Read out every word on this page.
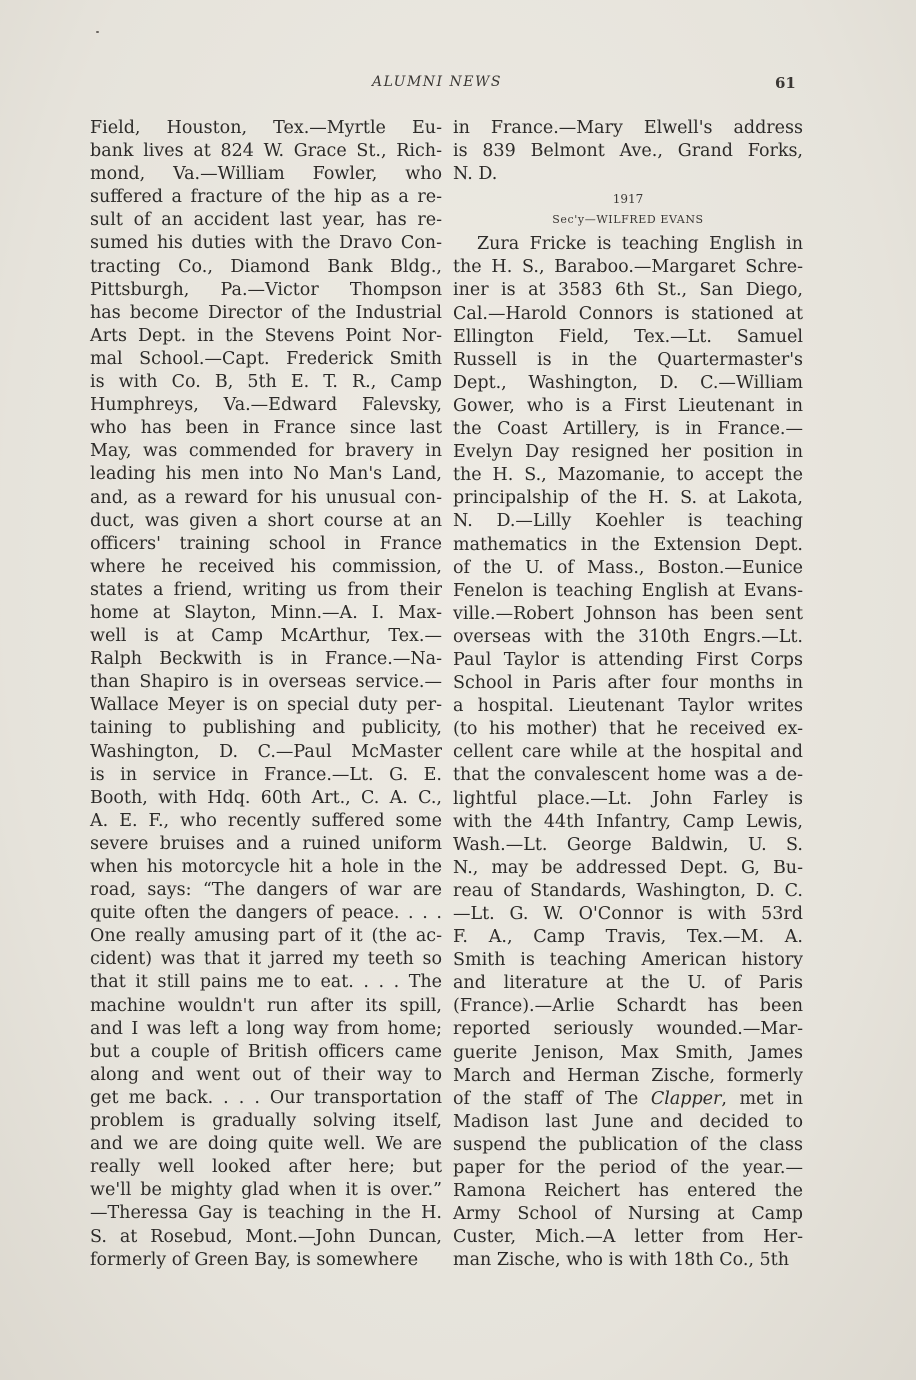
ALUMNI NEWS	61
Field, Houston, Tex.—Myrtle Eu-
bank lives at 824 W. Grace St., Rich-
mond, Va.—William Fowler, who
suffered a fracture of the hip as a re-
sult of an accident last year, has re-
sumed his duties with the Dravo Con-
tracting Co., Diamond Bank Bldg.,
Pittsburgh, Pa.—Victor Thompson
has become Director of the Industrial
Arts Dept. in the Stevens Point Nor-
mal School.—Capt. Frederick Smith
is with Co. B, 5th E. T. R., Camp
Humphreys, Va.—Edward Falevsky,
who has been in France since last
May, was commended for bravery in
leading his men into No Man's Land,
and, as a reward for his unusual con-
duct, was given a short course at an
officers' training school in France
where he received his commission,
states a friend, writing us from their
home at Slayton, Minn.—A. I. Max-
well is at Camp McArthur, Tex.—
Ralph Beckwith is in France.—Na-
than Shapiro is in overseas service.—
Wallace Meyer is on special duty per-
taining to publishing and publicity,
Washington, D. C.—Paul McMaster
is in service in France.—Lt. G. E.
Booth, with Hdq. 60th Art., C. A. C.,
A. E. F., who recently suffered some
severe bruises and a ruined uniform
when his motorcycle hit a hole in the
road, says: “The dangers of war are
quite often the dangers of peace. . . .
One really amusing part of it (the ac-
cident) was that it jarred my teeth so
that it still pains me to eat. . . . The
machine wouldn't run after its spill,
and I was left a long way from home;
but a couple of British officers came
along and went out of their way to
get me back. . . . Our transportation
problem is gradually solving itself,
and we are doing quite well. We are
really well looked after here; but
we'll be mighty glad when it is over.”
—Theressa Gay is teaching in the H.
S. at Rosebud, Mont.—John Duncan,
formerly of Green Bay, is somewhere
in France.—Mary Elwell's address
is 839 Belmont Ave., Grand Forks,
N. D.
1917
Sec'y—WILFRED EVANS
Zura Fricke is teaching English in
the H. S., Baraboo.—Margaret Schre-
iner is at 3583 6th St., San Diego,
Cal.—Harold Connors is stationed at
Ellington Field, Tex.—Lt. Samuel
Russell is in the Quartermaster's
Dept., Washington, D. C.—William
Gower, who is a First Lieutenant in
the Coast Artillery, is in France.—
Evelyn Day resigned her position in
the H. S., Mazomanie, to accept the
principalship of the H. S. at Lakota,
N. D.—Lilly Koehler is teaching
mathematics in the Extension Dept.
of the U. of Mass., Boston.—Eunice
Fenelon is teaching English at Evans-
ville.—Robert Johnson has been sent
overseas with the 310th Engrs.—Lt.
Paul Taylor is attending First Corps
School in Paris after four months in
a hospital. Lieutenant Taylor writes
(to his mother) that he received ex-
cellent care while at the hospital and
that the convalescent home was a de-
lightful place.—Lt. John Farley is
with the 44th Infantry, Camp Lewis,
Wash.—Lt. George Baldwin, U. S.
N., may be addressed Dept. G, Bu-
reau of Standards, Washington, D. C.
—Lt. G. W. O'Connor is with 53rd
F. A., Camp Travis, Tex.—M. A.
Smith is teaching American history
and literature at the U. of Paris
(France).—Arlie Schardt has been
reported seriously wounded.—Mar-
guerite Jenison, Max Smith, James
March and Herman Zische, formerly
of the staff of The Clapper, met in
Madison last June and decided to
suspend the publication of the class
paper for the period of the year.—
Ramona Reichert has entered the
Army School of Nursing at Camp
Custer, Mich.—A letter from Her-
man Zische, who is with 18th Co., 5th
